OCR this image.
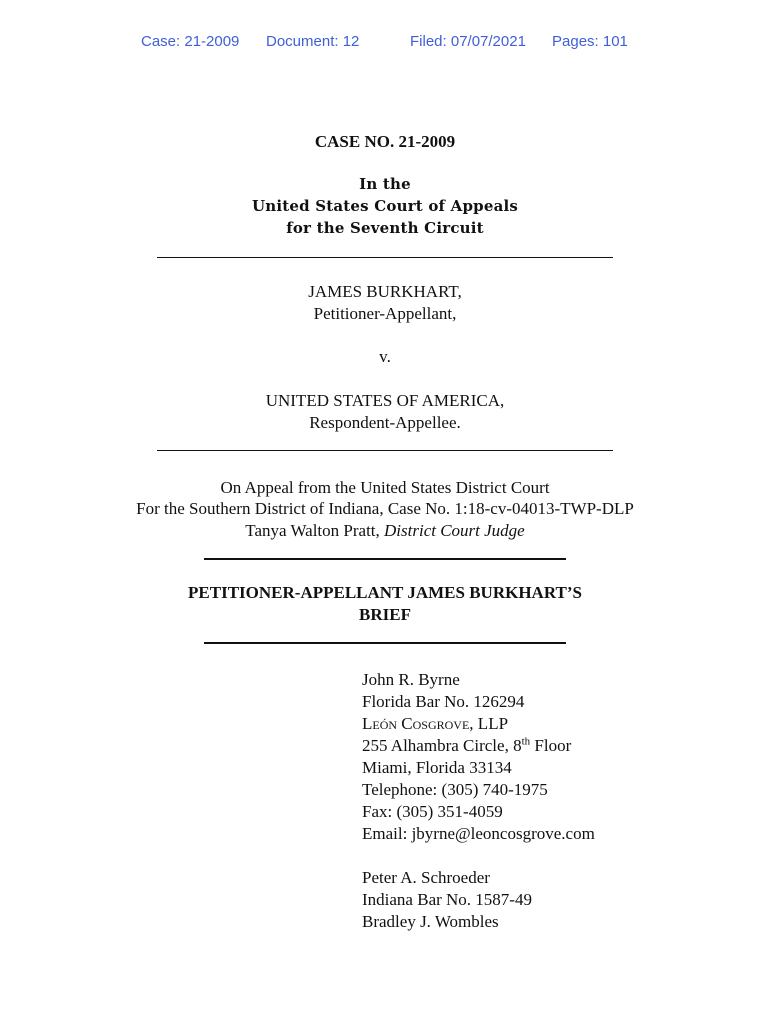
Case: 21-2009 Document: 12	Filed: 07/07/2021 Pages: 101
CASE NO. 21-2009
In the
United States Court of Appeals
for the Seventh Circuit
JAMES BURKHART,
Petitioner-Appellant,
v.
UNITED STATES OF AMERICA,
Respondent-Appellee.
On Appeal from the United States District Court
For the Southern District of Indiana, Case No. 1:18-cv-04013-TWP-DLP
Tanya Walton Pratt, District Court Judge
PETITIONER-APPELLANT JAMES BURKHART’S
BRIEF
John R. Byrne
Florida Bar No. 126294
León Cosgrove, LLP
255 Alhambra Circle, 8th Floor
Miami, Florida 33134
Telephone: (305) 740-1975
Fax: (305) 351-4059
Email: jbyrne@leoncosgrove.com
Peter A. Schroeder
Indiana Bar No. 1587-49
Bradley J. Wombles
